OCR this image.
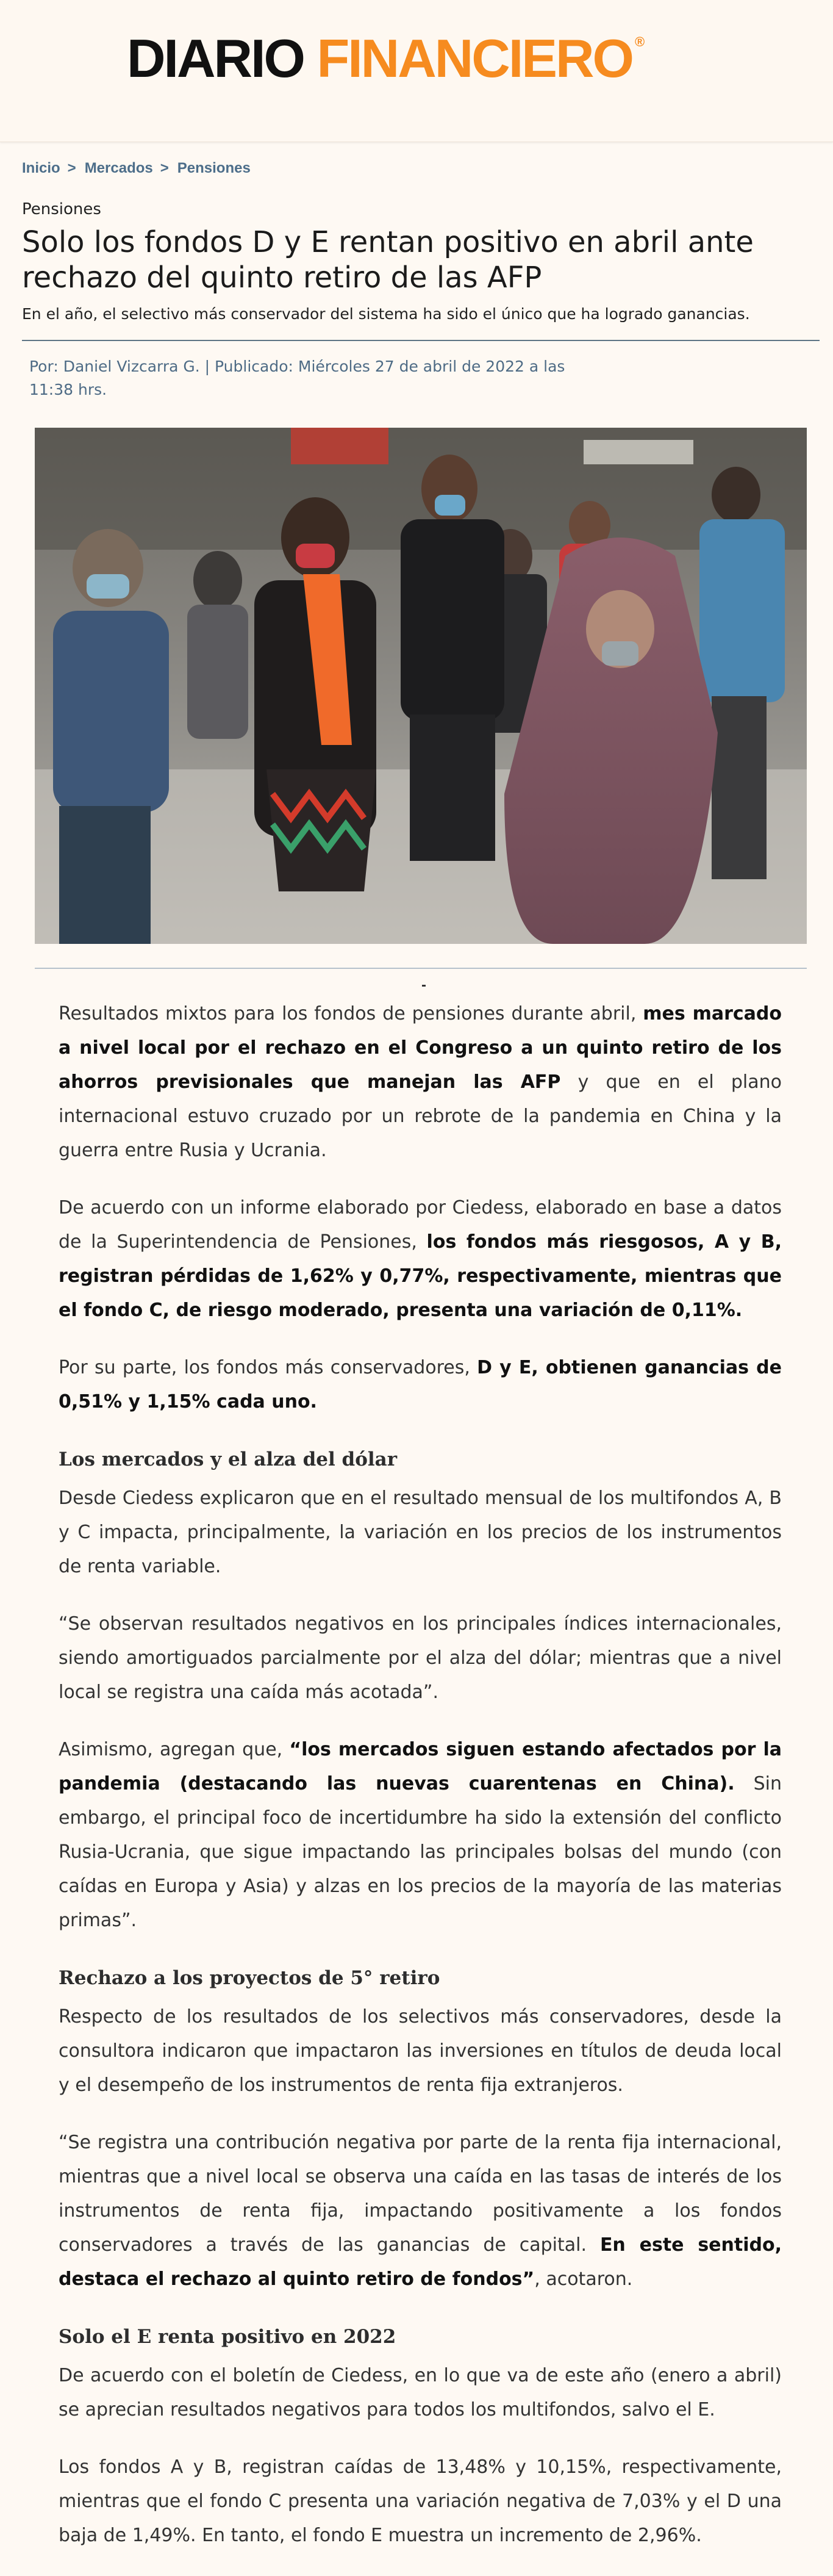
DIARIO FINANCIERO ®
Inicio > Mercados > Pensiones
Pensiones
Solo los fondos D y E rentan positivo en abril ante rechazo del quinto retiro de las AFP
En el año, el selectivo más conservador del sistema ha sido el único que ha logrado ganancias.
Por: Daniel Vizcarra G. | Publicado: Miércoles 27 de abril de 2022 a las 11:38 hrs.

Resultados mixtos para los fondos de pensiones durante abril, mes marcado a nivel local por el rechazo en el Congreso a un quinto retiro de los ahorros previsionales que manejan las AFP y que en el plano internacional estuvo cruzado por un rebrote de la pandemia en China y la guerra entre Rusia y Ucrania.

De acuerdo con un informe elaborado por Ciedess, elaborado en base a datos de la Superintendencia de Pensiones, los fondos más riesgosos, A y B, registran pérdidas de 1,62% y 0,77%, respectivamente, mientras que el fondo C, de riesgo moderado, presenta una variación de 0,11%.

Por su parte, los fondos más conservadores, D y E, obtienen ganancias de 0,51% y 1,15% cada uno.

Los mercados y el alza del dólar

Desde Ciedess explicaron que en el resultado mensual de los multifondos A, B y C impacta, principalmente, la variación en los precios de los instrumentos de renta variable.

“Se observan resultados negativos en los principales índices internacionales, siendo amortiguados parcialmente por el alza del dólar; mientras que a nivel local se registra una caída más acotada”.

Asimismo, agregan que, “los mercados siguen estando afectados por la pandemia (destacando las nuevas cuarentenas en China). Sin embargo, el principal foco de incertidumbre ha sido la extensión del conflicto Rusia-Ucrania, que sigue impactando las principales bolsas del mundo (con caídas en Europa y Asia) y alzas en los precios de la mayoría de las materias primas”.

Rechazo a los proyectos de 5° retiro

Respecto de los resultados de los selectivos más conservadores, desde la consultora indicaron que impactaron las inversiones en títulos de deuda local y el desempeño de los instrumentos de renta fija extranjeros.

“Se registra una contribución negativa por parte de la renta fija internacional, mientras que a nivel local se observa una caída en las tasas de interés de los instrumentos de renta fija, impactando positivamente a los fondos conservadores a través de las ganancias de capital. En este sentido, destaca el rechazo al quinto retiro de fondos”, acotaron.

Solo el E renta positivo en 2022

De acuerdo con el boletín de Ciedess, en lo que va de este año (enero a abril) se aprecian resultados negativos para todos los multifondos, salvo el E.

Los fondos A y B, registran caídas de 13,48% y 10,15%, respectivamente, mientras que el fondo C presenta una variación negativa de 7,03% y el D una baja de 1,49%. En tanto, el fondo E muestra un incremento de 2,96%.
